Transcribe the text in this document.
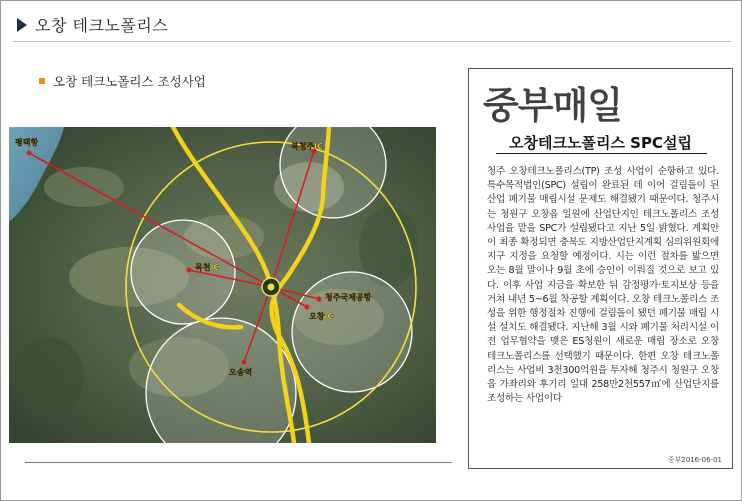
오창 테크노폴리스
오창 테크노폴리스 조성사업
평택항	북청주IC
목천IC
청주국제공항
오창IC
오송역
중부매일
오창테크노폴리스 SPC설립
청주 오창테크노폴리스(TP) 조성 사업이 순항하고 있다. 특수목적법인(SPC) 설립이 완료된 데 이어 걸림돌이 된 산업 폐기물 매립시설 문제도 해결됐기 때문이다. 청주시는 청원구 오창읍 일원에 산업단지인 테크노폴리스 조성 사업을 맡을 SPC가 설립됐다고 지난 5일 밝혔다. 계획안이 최종 확정되면 충북도 지방산업단지계획 심의위원회에 지구 지정을 요청할 예정이다. 시는 이런 절차를 밟으면 오는 8월 말이나 9월 초에 승인이 이뤄질 것으로 보고 있다. 이후 사업 지금을 확보한 뒤 감정평가·토지보상 등을 거쳐 내년 5~6월 착공할 계획이다. 오창 테크노폴리스 조성을 위한 행정절차 진행에 걸림돌이 됐던 폐기물 매립 시설 설치도 해결됐다. 지난해 3월 시와 폐기물 처리시설 이전 업무협약을 맺은 ES청원이 새로운 매립 장소로 오창 테크노폴리스를 선택했기 때문이다. 한편 오창 테크노폴리스는 사업비 3천300억원을 투자해 청주시 청원구 오창읍 가좌리와 후기리 일대 258만2천557㎡에 산업단지를 조성하는 사업이다
중부2016-06-01
